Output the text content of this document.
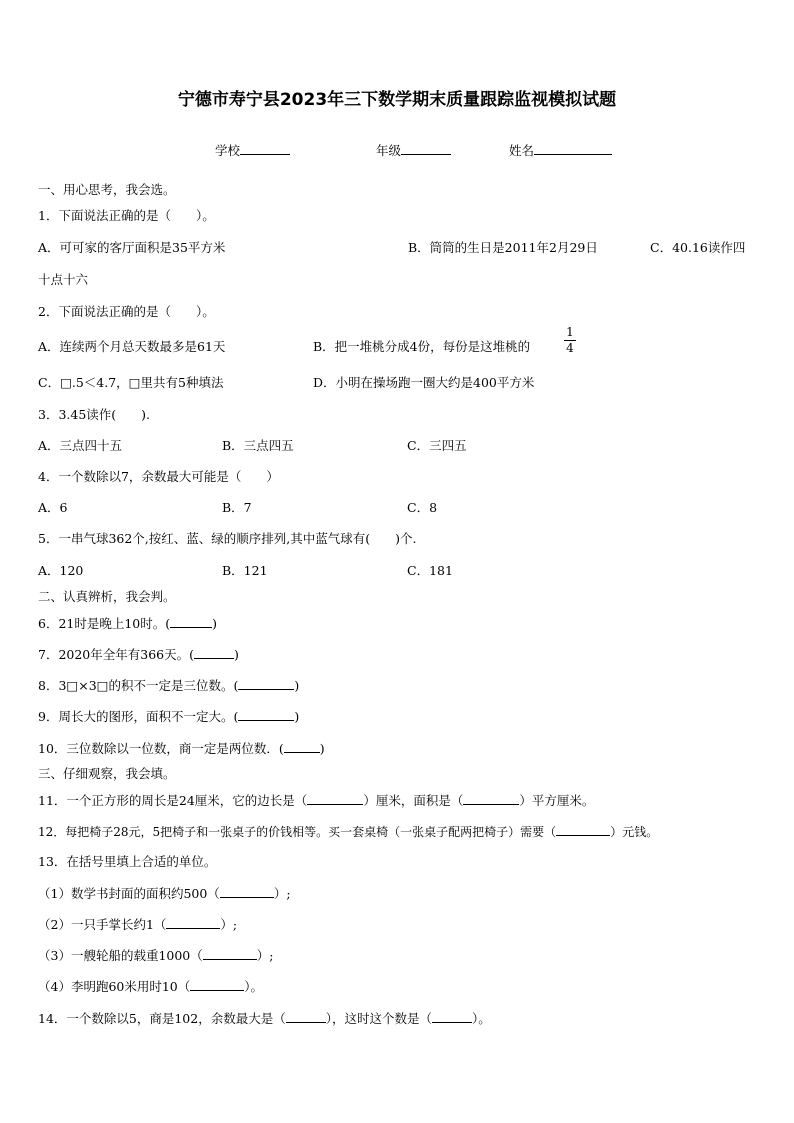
宁德市寿宁县2023年三下数学期末质量跟踪监视模拟试题
学校	年级	姓名
一、用心思考，我会选。
1．下面说法正确的是（　　）。
A．可可家的客厅面积是35平方米	B．筒筒的生日是2011年2月29日	C．40.16读作四
十点十六
2．下面说法正确的是（　　）。
A．连续两个月总天数最多是61天	B．把一堆桃分成4份，每份是这堆桃的
1
4
C．□.5＜4.7，□里共有5种填法	D．小明在操场跑一圈大约是400平方米
3．3.45读作(　　).
A．三点四十五	B．三点四五	C．三四五
4．一个数除以7，余数最大可能是（　　）
A．6	B．7	C．8
5．一串气球362个,按红、蓝、绿的顺序排列,其中蓝气球有(　　)个.
A．120	B．121	C．181
二、认真辨析，我会判。
6．21时是晚上10时。(	)
7．2020年全年有366天。(	)
8．3□×3□的积不一定是三位数。(	)
9．周长大的图形，面积不一定大。(	)
10．三位数除以一位数，商一定是两位数．(	)
三、仔细观察，我会填。
11．一个正方形的周长是24厘米，它的边长是（	）厘米，面积是（	）平方厘米。
12．每把椅子28元，5把椅子和一张桌子的价钱相等。买一套桌椅（一张桌子配两把椅子）需要（	）元钱。
13．在括号里填上合适的单位。
（1）数学书封面的面积约500（	）;
（2）一只手掌长约1（	）;
（3）一艘轮船的载重1000（	）;
（4）李明跑60米用时10（	）。
14．一个数除以5，商是102，余数最大是（	），这时这个数是（	）。
